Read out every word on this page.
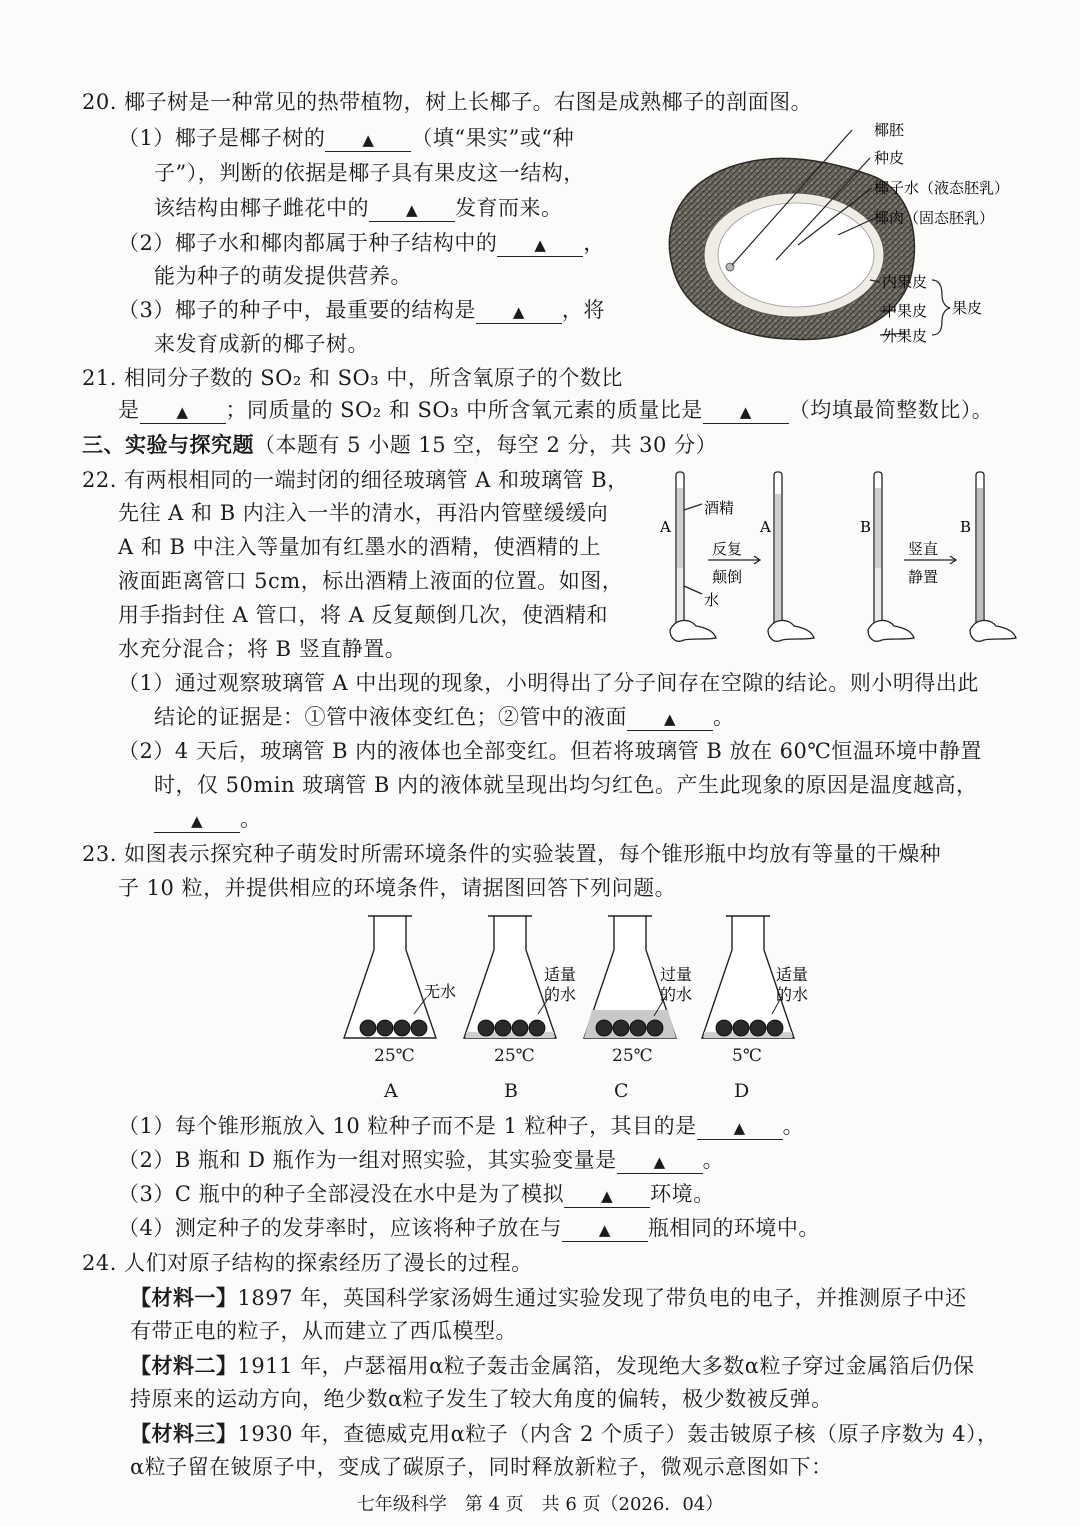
20. 椰子树是一种常见的热带植物，树上长椰子。右图是成熟椰子的剖面图。
（1）椰子是椰子树的 ▲ （填“果实”或“种
子”），判断的依据是椰子具有果皮这一结构，
该结构由椰子雌花中的 ▲ 发育而来。
（2）椰子水和椰肉都属于种子结构中的 ▲ ，
能为种子的萌发提供营养。
（3）椰子的种子中，最重要的结构是 ▲ ，将
来发育成新的椰子树。
椰胚
种皮
椰子水（液态胚乳）
椰肉（固态胚乳）
内果皮
中果皮
外果皮
果皮
21. 相同分子数的 SO₂ 和 SO₃ 中，所含氧原子的个数比
是 ▲ ；同质量的 SO₂ 和 SO₃ 中所含氧元素的质量比是 ▲ （均填最简整数比）。
三、实验与探究题（本题有 5 小题 15 空，每空 2 分，共 30 分）
22. 有两根相同的一端封闭的细径玻璃管 A 和玻璃管 B，
先往 A 和 B 内注入一半的清水，再沿内管壁缓缓向
A 和 B 中注入等量加有红墨水的酒精，使酒精的上
液面距离管口 5cm，标出酒精上液面的位置。如图，
用手指封住 A 管口，将 A 反复颠倒几次，使酒精和
水充分混合；将 B 竖直静置。
酒精
水
A	A	B	B
反复
颠倒
竖直
静置
（1）通过观察玻璃管 A 中出现的现象，小明得出了分子间存在空隙的结论。则小明得出此
结论的证据是：①管中液体变红色；②管中的液面 ▲ 。
（2）4 天后，玻璃管 B 内的液体也全部变红。但若将玻璃管 B 放在 60℃恒温环境中静置
时，仅 50min 玻璃管 B 内的液体就呈现出均匀红色。产生此现象的原因是温度越高，
▲ 。
23. 如图表示探究种子萌发时所需环境条件的实验装置，每个锥形瓶中均放有等量的干燥种
子 10 粒，并提供相应的环境条件，请据图回答下列问题。
无水
适量
的水
过量
的水
适量
的水
25℃	25℃	25℃	5℃
A	B	C	D
（1）每个锥形瓶放入 10 粒种子而不是 1 粒种子，其目的是 ▲ 。
（2）B 瓶和 D 瓶作为一组对照实验，其实验变量是 ▲ 。
（3）C 瓶中的种子全部浸没在水中是为了模拟 ▲ 环境。
（4）测定种子的发芽率时，应该将种子放在与 ▲ 瓶相同的环境中。
24. 人们对原子结构的探索经历了漫长的过程。
【材料一】1897 年，英国科学家汤姆生通过实验发现了带负电的电子，并推测原子中还
有带正电的粒子，从而建立了西瓜模型。
【材料二】1911 年，卢瑟福用α粒子轰击金属箔，发现绝大多数α粒子穿过金属箔后仍保
持原来的运动方向，绝少数α粒子发生了较大角度的偏转，极少数被反弹。
【材料三】1930 年，查德威克用α粒子（内含 2 个质子）轰击铍原子核（原子序数为 4），
α粒子留在铍原子中，变成了碳原子，同时释放新粒子，微观示意图如下：
七年级科学　第 4 页　共 6 页（2026．04）
